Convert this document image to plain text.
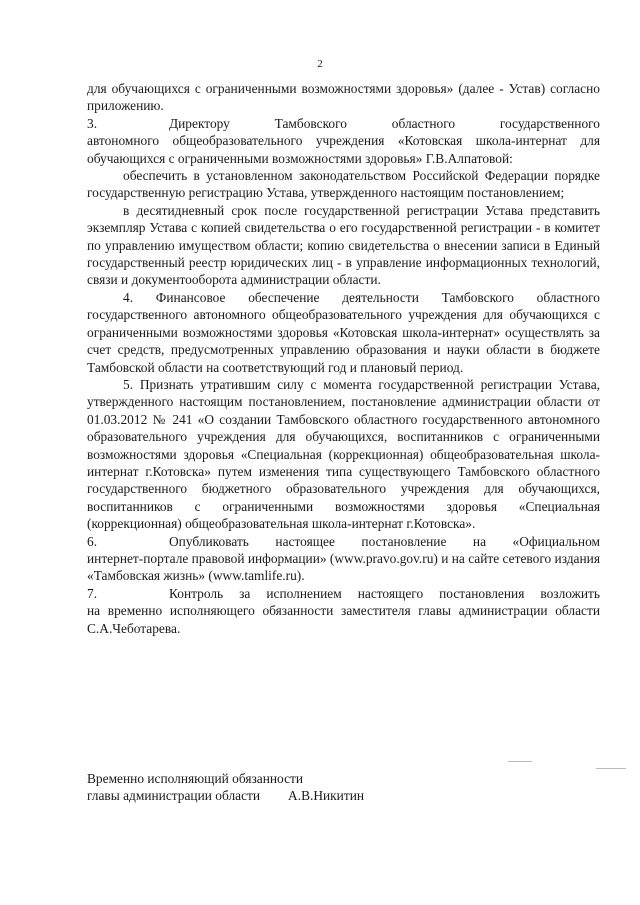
2

для обучающихся с ограниченными возможностями здоровья» (далее - Устав) согласно приложению.

3.	Директору Тамбовского областного государственного

автономного общеобразовательного учреждения «Котовская школа-интернат для обучающихся с ограниченными возможностями здоровья» Г.В.Алпатовой:

обеспечить в установленном законодательством Российской Федерации порядке государственную регистрацию Устава, утвержденного настоящим постановлением;

в десятидневный срок после государственной регистрации Устава представить экземпляр Устава с копией свидетельства о его государственной регистрации - в комитет по управлению имуществом области; копию свидетельства о внесении записи в Единый государственный реестр юридических лиц - в управление информационных технологий, связи и документооборота администрации области.

4. Финансовое обеспечение деятельности Тамбовского областного государственного автономного общеобразовательного учреждения для обучающихся с ограниченными возможностями здоровья «Котовская школа-интернат» осуществлять за счет средств, предусмотренных управлению образования и науки области в бюджете Тамбовской области на соответствующий год и плановый период.

5. Признать утратившим силу с момента государственной регистрации Устава, утвержденного настоящим постановлением, постановление администрации области от 01.03.2012 № 241 «О создании Тамбовского областного государственного автономного образовательного учреждения для обучающихся, воспитанников с ограниченными возможностями здоровья «Специальная (коррекционная) общеобразовательная школа-интернат г.Котовска» путем изменения типа существующего Тамбовского областного государственного бюджетного образовательного учреждения для обучающихся, воспитанников с ограниченными возможностями здоровья «Специальная (коррекционная) общеобразовательная школа-интернат г.Котовска».

6.	Опубликовать настоящее постановление на «Официальном

интернет-портале правовой информации» (www.pravo.gov.ru) и на сайте сетевого издания «Тамбовская жизнь» (www.tamlife.ru).

7.	Контроль за исполнением настоящего постановления возложить

на временно исполняющего обязанности заместителя главы администрации области С.А.Чеботарева.

Временно исполняющий обязанности
главы администрации области А.В.Никитин
